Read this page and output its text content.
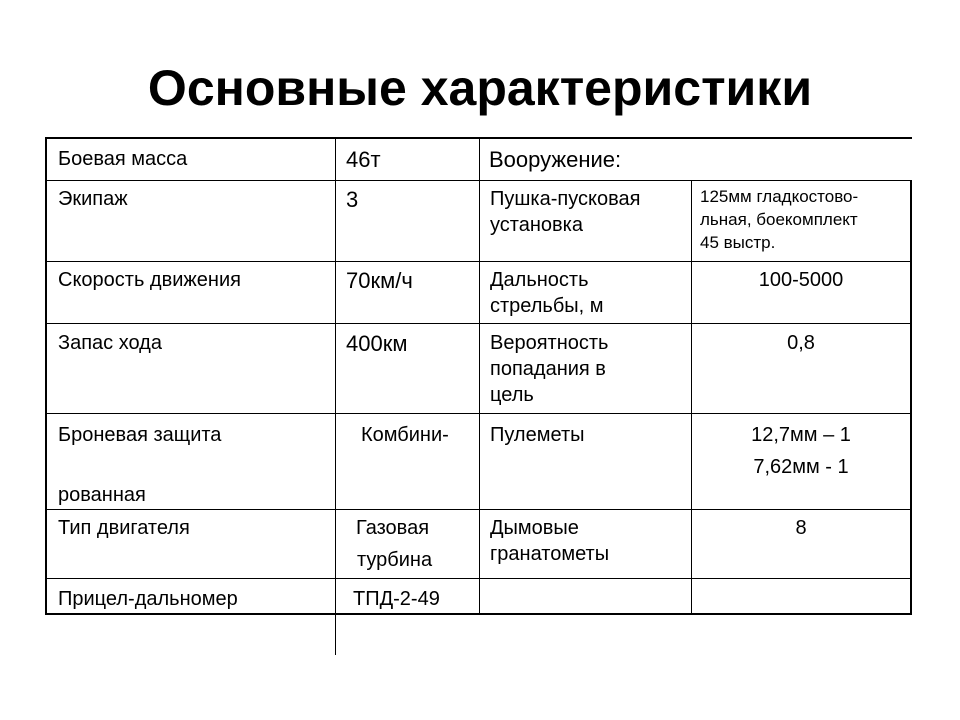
Основные характеристики
Боевая масса
Экипаж
Скорость движения
Запас хода
Броневая защита
рованная
Тип двигателя
Прицел-дальномер
46т
3
70км/ч
400км
Комбини-
Газовая
турбина
ТПД-2-49
Вооружение:
Пушка-пусковая
установка
Дальность
стрельбы, м
Вероятность
попадания в
цель
Пулеметы
Дымовые
гранатометы
125мм гладкостово-
льная, боекомплект
45 выстр.
100-5000
0,8
12,7мм – 1
7,62мм - 1
8
